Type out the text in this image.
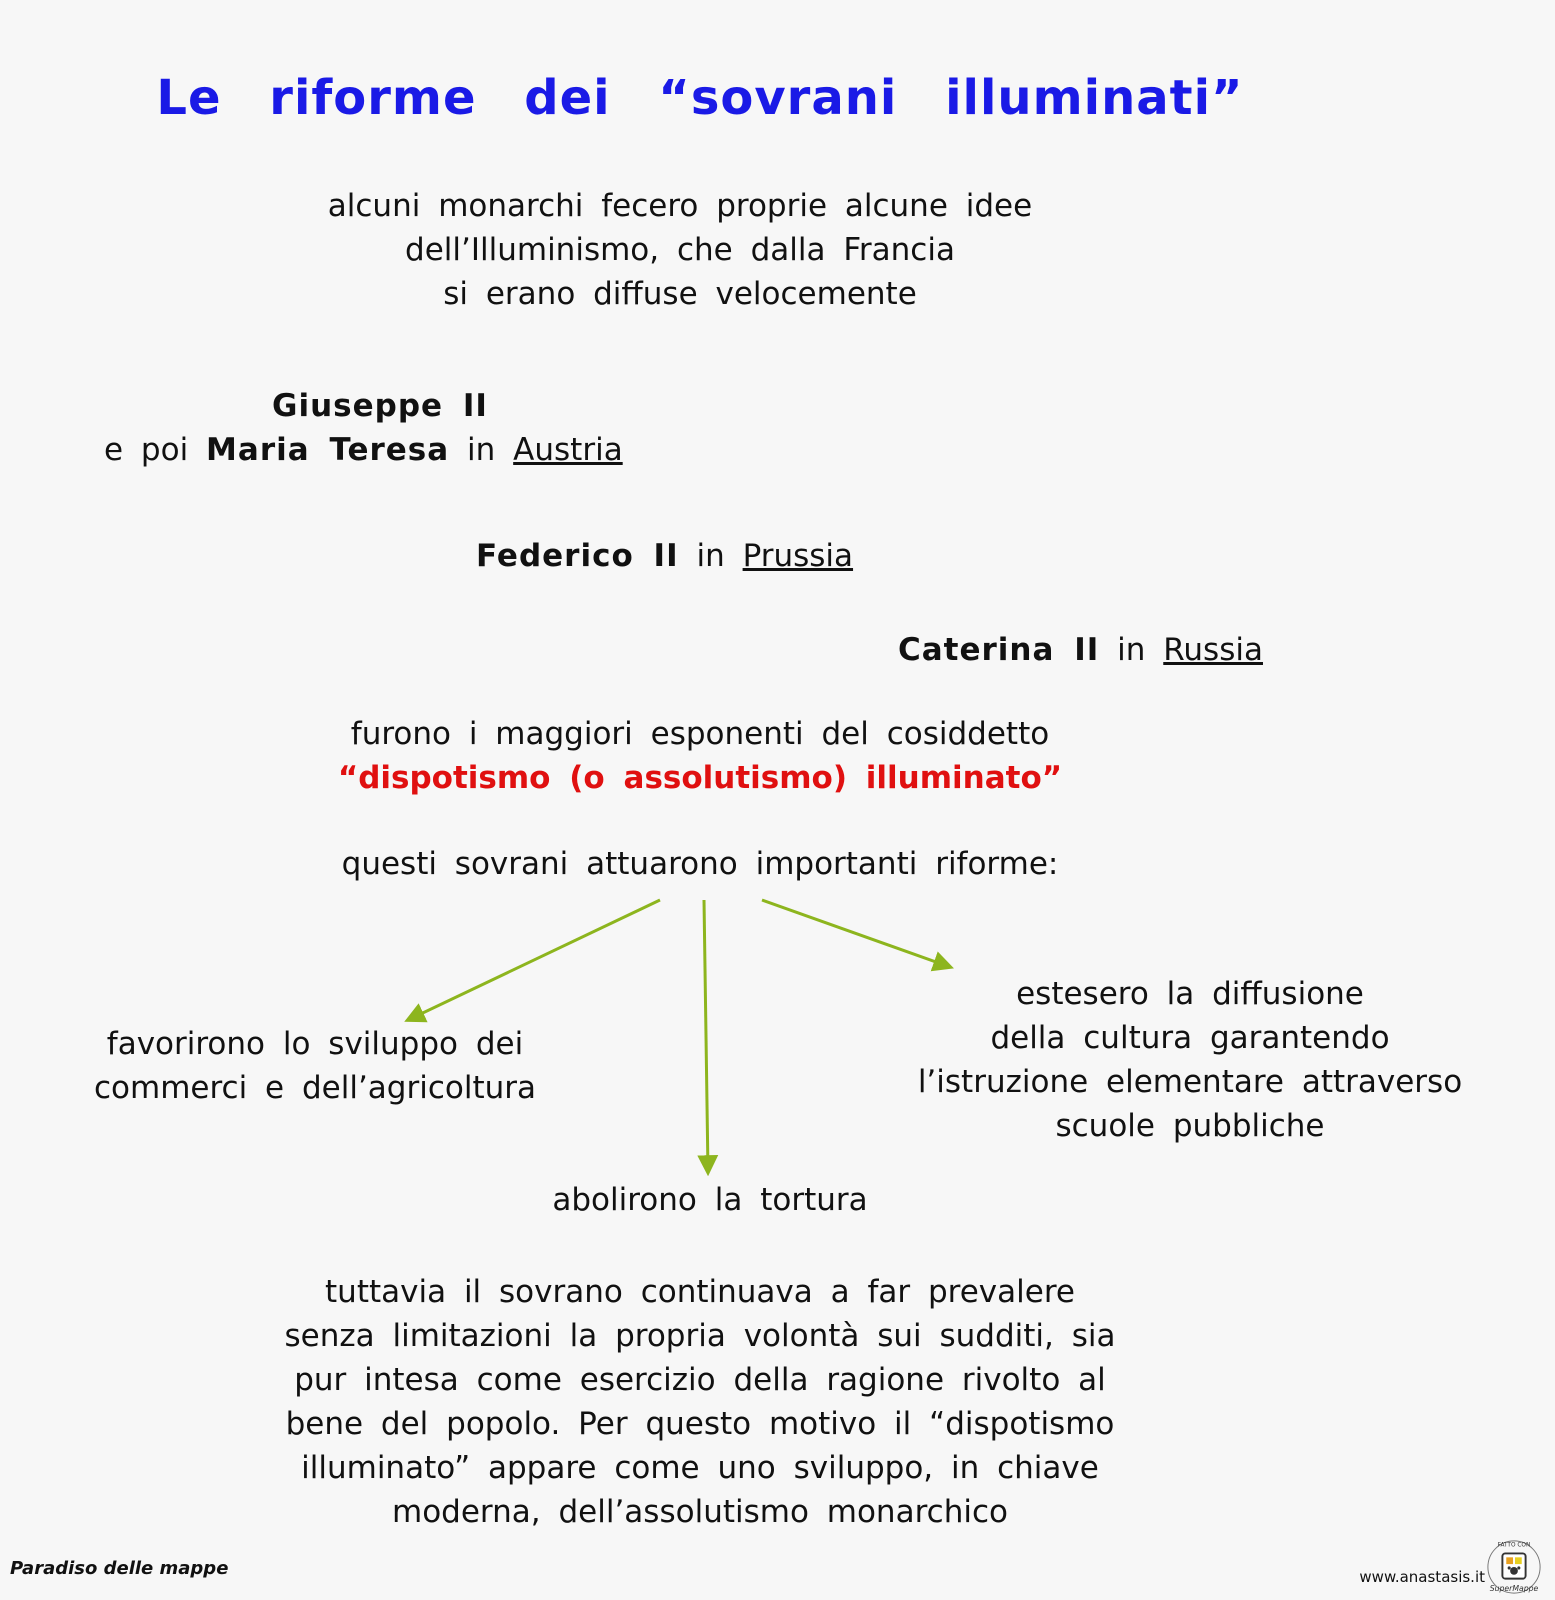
Le riforme dei “sovrani illuminati”
alcuni monarchi fecero proprie alcune idee
dell’Illuminismo, che dalla Francia
si erano diffuse velocemente
Giuseppe II
e poi Maria Teresa in Austria
Federico II in Prussia
Caterina II in Russia
furono i maggiori esponenti del cosiddetto
“dispotismo (o assolutismo) illuminato”
questi sovrani attuarono importanti riforme:
favorirono lo sviluppo dei
commerci e dell’agricoltura
estesero la diffusione
della cultura garantendo
l’istruzione elementare attraverso
scuole pubbliche
abolirono la tortura
tuttavia il sovrano continuava a far prevalere
senza limitazioni la propria volontà sui sudditi, sia
pur intesa come esercizio della ragione rivolto al
bene del popolo. Per questo motivo il “dispotismo
illuminato” appare come uno sviluppo, in chiave
moderna, dell’assolutismo monarchico
Paradiso delle mappe	www.anastasis.it
FATTO CON
SuperMappe
